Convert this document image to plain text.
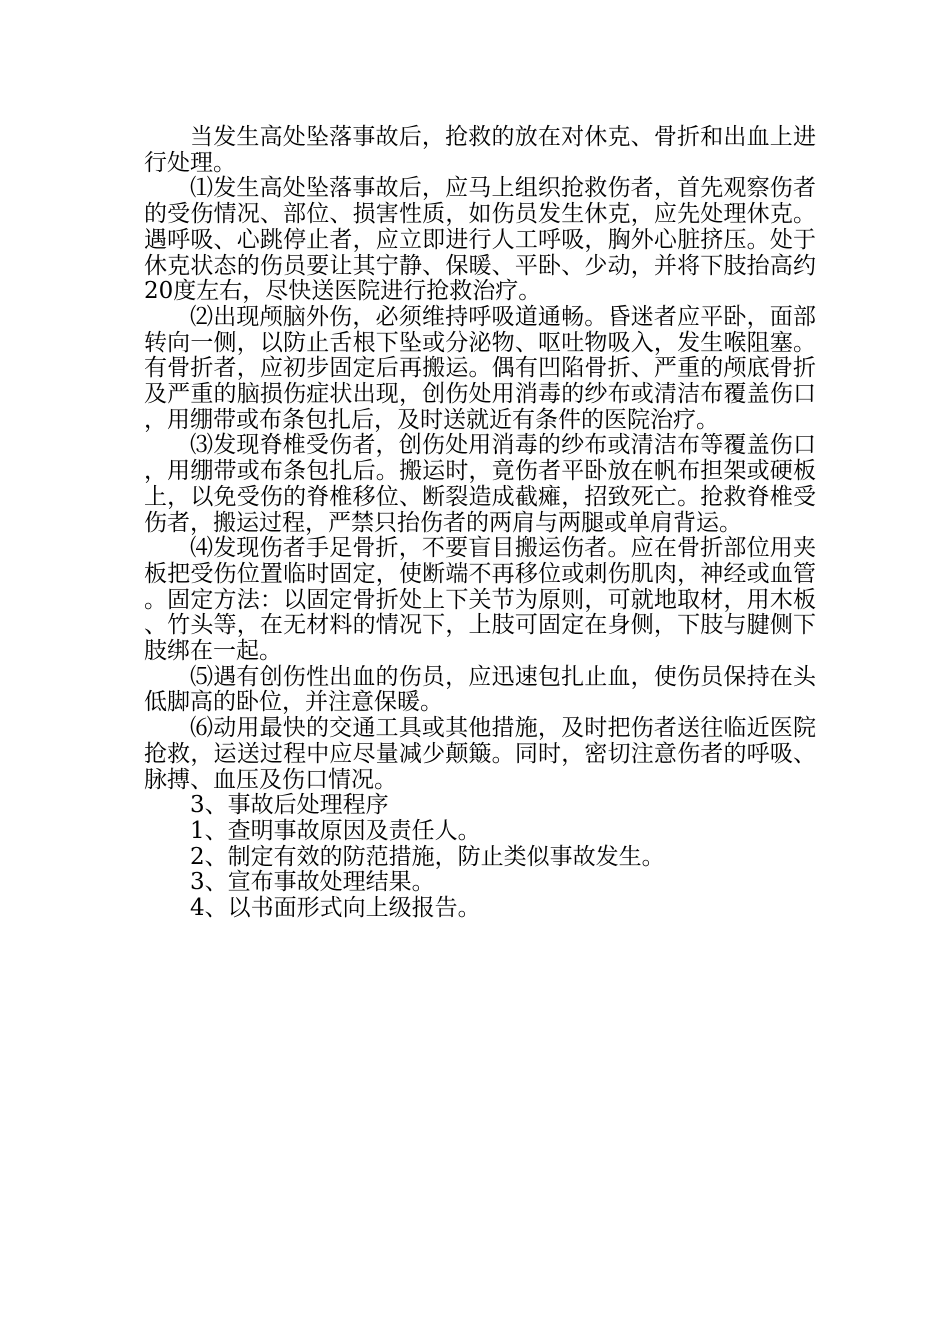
当发生高处坠落事故后，抢救的放在对休克、骨折和出血上进行处理。

⑴发生高处坠落事故后，应马上组织抢救伤者，首先观察伤者的受伤情况、部位、损害性质，如伤员发生休克，应先处理休克。遇呼吸、心跳停止者，应立即进行人工呼吸，胸外心脏挤压。处于休克状态的伤员要让其宁静、保暖、平卧、少动，并将下肢抬高约20度左右，尽快送医院进行抢救治疗。

⑵出现颅脑外伤，必须维持呼吸道通畅。昏迷者应平卧，面部转向一侧，以防止舌根下坠或分泌物、呕吐物吸入，发生喉阻塞。有骨折者，应初步固定后再搬运。偶有凹陷骨折、严重的颅底骨折及严重的脑损伤症状出现，创伤处用消毒的纱布或清洁布覆盖伤口，用绷带或布条包扎后，及时送就近有条件的医院治疗。

⑶发现脊椎受伤者，创伤处用消毒的纱布或清洁布等覆盖伤口，用绷带或布条包扎后。搬运时，竟伤者平卧放在帆布担架或硬板上，以免受伤的脊椎移位、断裂造成截瘫，招致死亡。抢救脊椎受伤者，搬运过程，严禁只抬伤者的两肩与两腿或单肩背运。

⑷发现伤者手足骨折，不要盲目搬运伤者。应在骨折部位用夹板把受伤位置临时固定，使断端不再移位或刺伤肌肉，神经或血管。固定方法：以固定骨折处上下关节为原则，可就地取材，用木板、竹头等，在无材料的情况下，上肢可固定在身侧，下肢与腱侧下肢绑在一起。

⑸遇有创伤性出血的伤员，应迅速包扎止血，使伤员保持在头低脚高的卧位，并注意保暖。

⑹动用最快的交通工具或其他措施，及时把伤者送往临近医院抢救，运送过程中应尽量减少颠簸。同时，密切注意伤者的呼吸、脉搏、血压及伤口情况。

3、事故后处理程序

1、查明事故原因及责任人。

2、制定有效的防范措施，防止类似事故发生。

3、宣布事故处理结果。

4、以书面形式向上级报告。
